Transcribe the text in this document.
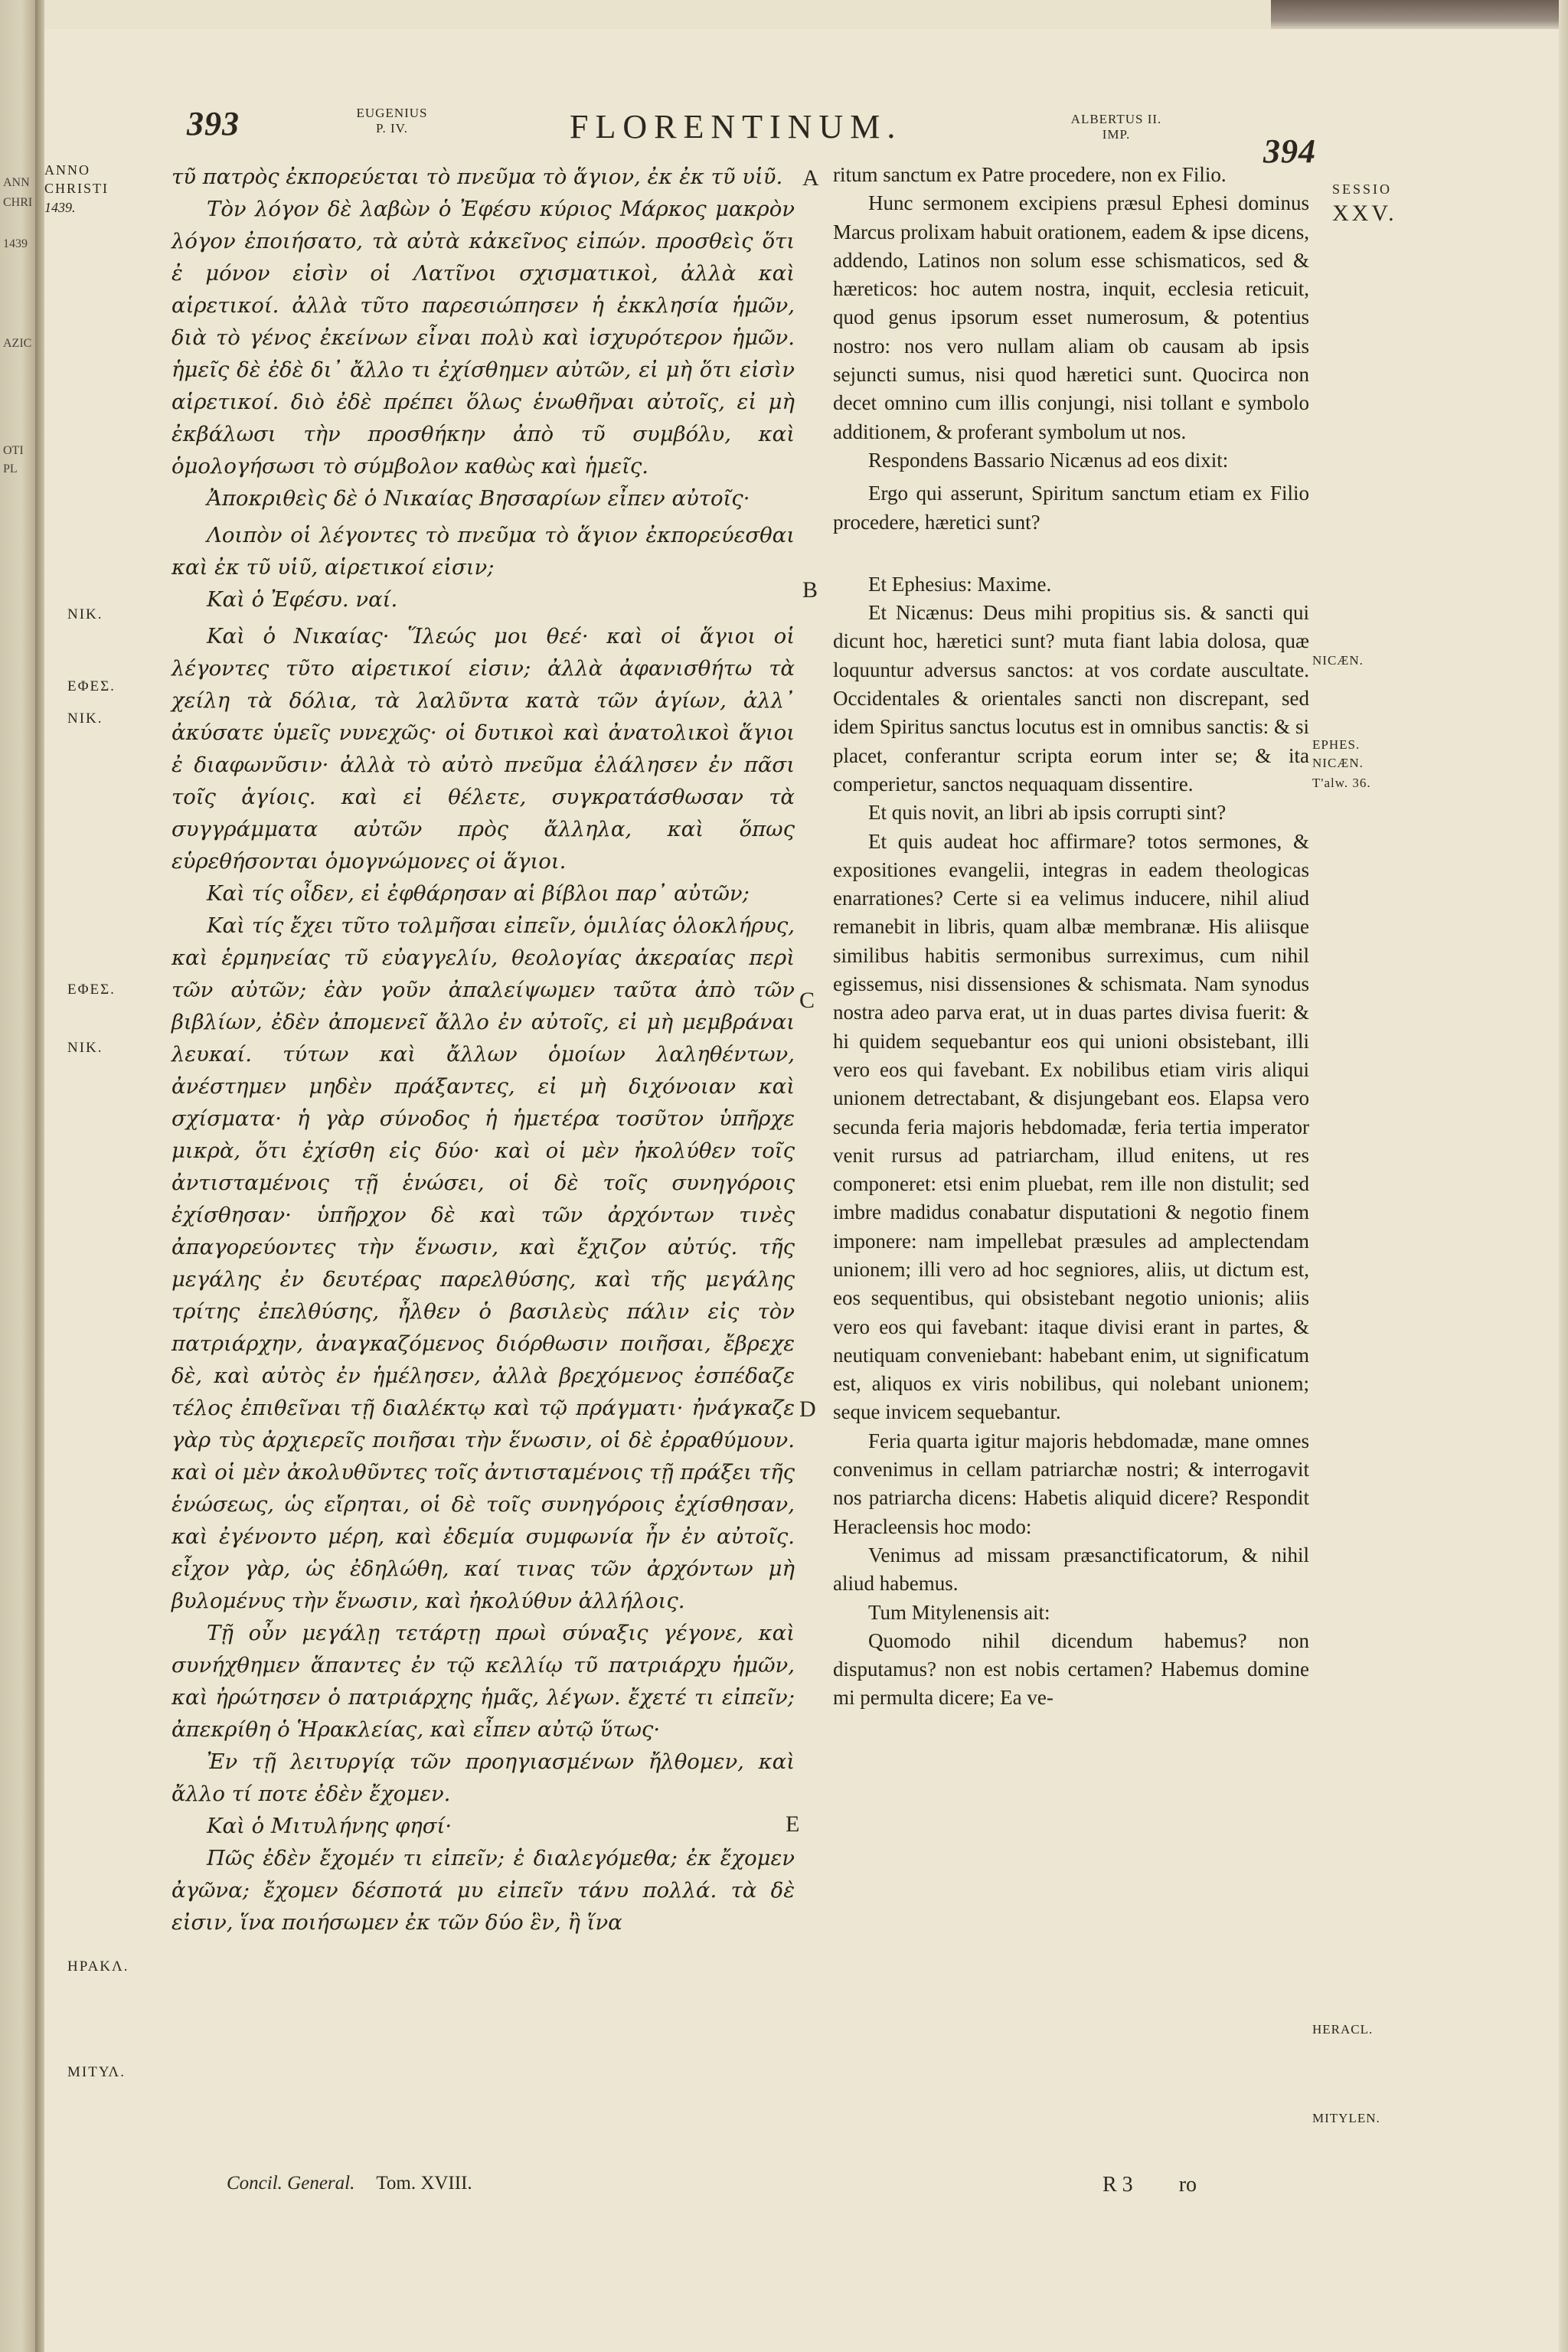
ANN
CHRI
1439
AZIC
ΟΤΙ
PL
393	EUGENIUS
P. IV.	FLORENTINUM.	ALBERTUS II.
IMP.	394
ANNO
CHRISTI
1439.
NIK.
ΕΦΕΣ.
NIK.
ΕΦΕΣ.
NIK.
ΗΡΑΚΛ.
ΜΙΤΥΛ.
A
B
C
D
E
SESSIO
XXV.
NICÆN.
EPHES.
NICÆN.
T'alw. 36.
HERACL.
MITYLEN.

τῦ πατρὸς ἐκπορεύεται τὸ πνεῦμα τὸ ἅγιον, ἐκ ἐκ τῦ υἱῦ.

Τὸν λόγον δὲ λαβὼν ὁ Ἐφέσυ κύριος Μάρκος μακρὸν λόγον ἐποιήσατο, τὰ αὐτὰ κἀκεῖνος εἰπών. προσθεὶς ὅτι ἐ μόνον εἰσὶν οἱ Λατῖνοι σχισματικοὶ, ἀλλὰ καὶ αἱρετικοί. ἀλλὰ τῦτο παρεσιώπησεν ἡ ἐκκλησία ἡμῶν, διὰ τὸ γένος ἐκείνων εἶναι πολὺ καὶ ἰσχυρότερον ἡμῶν. ἡμεῖς δὲ ἐδὲ δι᾽ ἄλλο τι ἐχίσθημεν αὐτῶν, εἰ μὴ ὅτι εἰσὶν αἱρετικοί. διὸ ἐδὲ πρέπει ὅλως ἑνωθῆναι αὐτοῖς, εἰ μὴ ἐκβάλωσι τὴν προσθήκην ἀπὸ τῦ συμβόλυ, καὶ ὁμολογήσωσι τὸ σύμβολον καθὼς καὶ ἡμεῖς.

Ἀποκριθεὶς δὲ ὁ Νικαίας Βησσαρίων εἶπεν αὐτοῖς·

Λοιπὸν οἱ λέγοντες τὸ πνεῦμα τὸ ἅγιον ἐκπορεύεσθαι καὶ ἐκ τῦ υἱῦ, αἱρετικοί εἰσιν;

Καὶ ὁ Ἐφέσυ. ναί.

Καὶ ὁ Νικαίας· Ἵλεώς μοι θεέ· καὶ οἱ ἅγιοι οἱ λέγοντες τῦτο αἱρετικοί εἰσιν; ἀλλὰ ἀφανισθήτω τὰ χείλη τὰ δόλια, τὰ λαλῦντα κατὰ τῶν ἁγίων, ἀλλ᾽ ἀκύσατε ὑμεῖς νυνεχῶς· οἱ δυτικοὶ καὶ ἀνατολικοὶ ἅγιοι ἐ διαφωνῦσιν· ἀλλὰ τὸ αὐτὸ πνεῦμα ἐλάλησεν ἐν πᾶσι τοῖς ἁγίοις. καὶ εἰ θέλετε, συγκρατάσθωσαν τὰ συγγράμματα αὐτῶν πρὸς ἄλληλα, καὶ ὅπως εὑρεθήσονται ὁμογνώμονες οἱ ἅγιοι.

Καὶ τίς οἶδεν, εἰ ἐφθάρησαν αἱ βίβλοι παρ᾽ αὐτῶν;

Καὶ τίς ἔχει τῦτο τολμῆσαι εἰπεῖν, ὁμιλίας ὁλοκλήρυς, καὶ ἑρμηνείας τῦ εὐαγγελίυ, θεολογίας ἀκεραίας περὶ τῶν αὐτῶν; ἐὰν γοῦν ἀπαλείψωμεν ταῦτα ἀπὸ τῶν βιβλίων, ἐδὲν ἀπομενεῖ ἄλλο ἐν αὐτοῖς, εἰ μὴ μεμβράναι λευκαί. τύτων καὶ ἄλλων ὁμοίων λαληθέντων, ἀνέστημεν μηδὲν πράξαντες, εἰ μὴ διχόνοιαν καὶ σχίσματα· ἡ γὰρ σύνοδος ἡ ἡμετέρα τοσῦτον ὑπῆρχε μικρὰ, ὅτι ἐχίσθη εἰς δύο· καὶ οἱ μὲν ἠκολύθεν τοῖς ἀντισταμένοις τῇ ἑνώσει, οἱ δὲ τοῖς συνηγόροις ἐχίσθησαν· ὑπῆρχον δὲ καὶ τῶν ἀρχόντων τινὲς ἀπαγορεύοντες τὴν ἕνωσιν, καὶ ἔχιζον αὐτύς. τῆς μεγάλης ἐν δευτέρας παρελθύσης, καὶ τῆς μεγάλης τρίτης ἐπελθύσης, ἦλθεν ὁ βασιλεὺς πάλιν εἰς τὸν πατριάρχην, ἀναγκαζόμενος διόρθωσιν ποιῆσαι, ἔβρεχε δὲ, καὶ αὐτὸς ἐν ἡμέλησεν, ἀλλὰ βρεχόμενος ἐσπέδαζε τέλος ἐπιθεῖναι τῇ διαλέκτῳ καὶ τῷ πράγματι· ἠνάγκαζε γὰρ τὺς ἀρχιερεῖς ποιῆσαι τὴν ἕνωσιν, οἱ δὲ ἐρραθύμουν. καὶ οἱ μὲν ἀκολυθῦντες τοῖς ἀντισταμένοις τῇ πράξει τῆς ἑνώσεως, ὡς εἴρηται, οἱ δὲ τοῖς συνηγόροις ἐχίσθησαν, καὶ ἐγένοντο μέρη, καὶ ἐδεμία συμφωνία ἦν ἐν αὐτοῖς. εἶχον γὰρ, ὡς ἐδηλώθη, καί τινας τῶν ἀρχόντων μὴ βυλομένυς τὴν ἕνωσιν, καὶ ἠκολύθυν ἀλλήλοις.

Τῇ οὖν μεγάλῃ τετάρτῃ πρωὶ σύναξις γέγονε, καὶ συνήχθημεν ἅπαντες ἐν τῷ κελλίῳ τῦ πατριάρχυ ἡμῶν, καὶ ἠρώτησεν ὁ πατριάρχης ἡμᾶς, λέγων. ἔχετέ τι εἰπεῖν; ἀπεκρίθη ὁ Ἡρακλείας, καὶ εἶπεν αὐτῷ ὕτως·

Ἐν τῇ λειτυργίᾳ τῶν προηγιασμένων ἤλθομεν, καὶ ἄλλο τί ποτε ἐδὲν ἔχομεν.

Καὶ ὁ Μιτυλήνης φησί·

Πῶς ἐδὲν ἔχομέν τι εἰπεῖν; ἐ διαλεγόμεθα; ἐκ ἔχομεν ἀγῶνα; ἔχομεν δέσποτά μυ εἰπεῖν τάνυ πολλά. τὰ δὲ εἰσιν, ἵνα ποιήσωμεν ἐκ τῶν δύο ἓν, ἢ ἵνα

ritum sanctum ex Patre procedere, non ex Filio.

Hunc sermonem excipiens præsul Ephesi dominus Marcus prolixam habuit orationem, eadem & ipse dicens, addendo, Latinos non solum esse schismaticos, sed & hæreticos: hoc autem nostra, inquit, ecclesia reticuit, quod genus ipsorum esset numerosum, & potentius nostro: nos vero nullam aliam ob causam ab ipsis sejuncti sumus, nisi quod hæretici sunt. Quocirca non decet omnino cum illis conjungi, nisi tollant e symbolo additionem, & proferant symbolum ut nos.

Respondens Bassario Nicænus ad eos dixit:

Ergo qui asserunt, Spiritum sanctum etiam ex Filio procedere, hæretici sunt?

Et Ephesius: Maxime.

Et Nicænus: Deus mihi propitius sis. & sancti qui dicunt hoc, hæretici sunt? muta fiant labia dolosa, quæ loquuntur adversus sanctos: at vos cordate auscultate. Occidentales & orientales sancti non discrepant, sed idem Spiritus sanctus locutus est in omnibus sanctis: & si placet, conferantur scripta eorum inter se; & ita comperietur, sanctos nequaquam dissentire.

Et quis novit, an libri ab ipsis corrupti sint?

Et quis audeat hoc affirmare? totos sermones, & expositiones evangelii, integras in eadem theologicas enarrationes? Certe si ea velimus inducere, nihil aliud remanebit in libris, quam albæ membranæ. His aliisque similibus habitis sermonibus surreximus, cum nihil egissemus, nisi dissensiones & schismata. Nam synodus nostra adeo parva erat, ut in duas partes divisa fuerit: & hi quidem sequebantur eos qui unioni obsistebant, illi vero eos qui favebant. Ex nobilibus etiam viris aliqui unionem detrectabant, & disjungebant eos. Elapsa vero secunda feria majoris hebdomadæ, feria tertia imperator venit rursus ad patriarcham, illud enitens, ut res componeret: etsi enim pluebat, rem ille non distulit; sed imbre madidus conabatur disputationi & negotio finem imponere: nam impellebat præsules ad amplectendam unionem; illi vero ad hoc segniores, aliis, ut dictum est, eos sequentibus, qui obsistebant negotio unionis; aliis vero eos qui favebant: itaque divisi erant in partes, & neutiquam conveniebant: habebant enim, ut significatum est, aliquos ex viris nobilibus, qui nolebant unionem; seque invicem sequebantur.

Feria quarta igitur majoris hebdomadæ, mane omnes convenimus in cellam patriarchæ nostri; & interrogavit nos patriarcha dicens: Habetis aliquid dicere? Respondit Heracleensis hoc modo:

Venimus ad missam præsanctificatorum, & nihil aliud habemus.

Tum Mitylenensis ait:

Quomodo nihil dicendum habemus? non disputamus? non est nobis certamen? Habemus domine mi permulta dicere; Ea ve-

Concil. General. Tom. XVIII.	R 3 ro
